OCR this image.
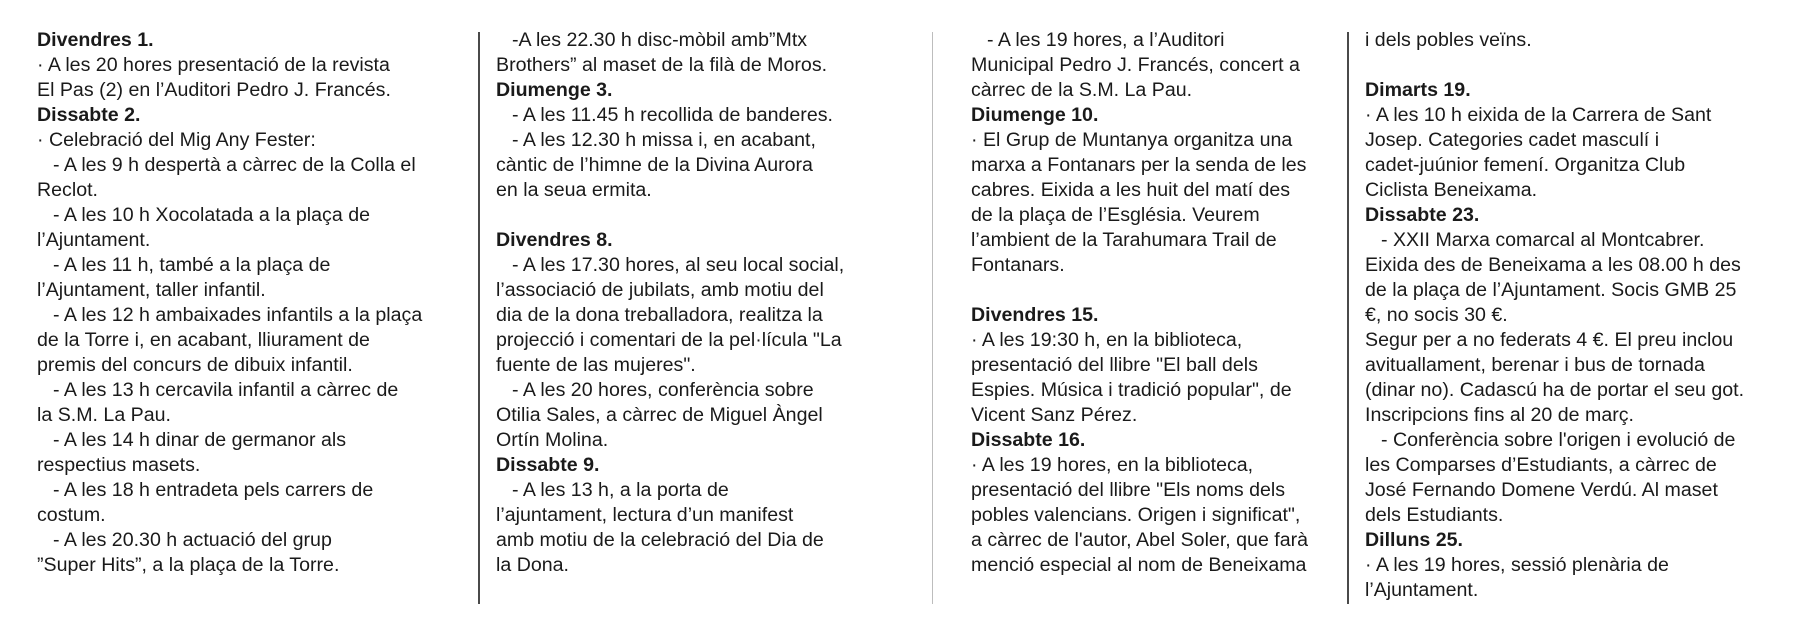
Divendres 1.

· A les 20 hores presentació de la revista

El Pas (2) en l’Auditori Pedro J. Francés.

Dissabte 2.

· Celebració del Mig Any Fester:

- A les 9 h despertà a càrrec de la Colla el

Reclot.

- A les 10 h Xocolatada a la plaça de

l’Ajuntament.

- A les 11 h, també a la plaça de

l’Ajuntament, taller infantil.

- A les 12 h ambaixades infantils a la plaça

de la Torre i, en acabant, lliurament de

premis del concurs de dibuix infantil.

- A les 13 h cercavila infantil a càrrec de

la S.M. La Pau.

- A les 14 h dinar de germanor als

respectius masets.

- A les 18 h entradeta pels carrers de

costum.

- A les 20.30 h actuació del grup

”Super Hits”, a la plaça de la Torre.

-A les 22.30 h disc-mòbil amb”Mtx

Brothers” al maset de la filà de Moros.

Diumenge 3.

- A les 11.45 h recollida de banderes.

- A les 12.30 h missa i, en acabant,

càntic de l’himne de la Divina Aurora

en la seua ermita.

Divendres 8.

- A les 17.30 hores, al seu local social,

l’associació de jubilats, amb motiu del

dia de la dona treballadora, realitza la

projecció i comentari de la pel·lícula "La

fuente de las mujeres".

- A les 20 hores, conferència sobre

Otilia Sales, a càrrec de Miguel Àngel

Ortín Molina.

Dissabte 9.

- A les 13 h, a la porta de

l’ajuntament, lectura d’un manifest

amb motiu de la celebració del Dia de

la Dona.

- A les 19 hores, a l’Auditori

Municipal Pedro J. Francés, concert a

càrrec de la S.M. La Pau.

Diumenge 10.

· El Grup de Muntanya organitza una

marxa a Fontanars per la senda de les

cabres. Eixida a les huit del matí des

de la plaça de l’Església. Veurem

l’ambient de la Tarahumara Trail de

Fontanars.

Divendres 15.

· A les 19:30 h, en la biblioteca,

presentació del llibre "El ball dels

Espies. Música i tradició popular", de

Vicent Sanz Pérez.

Dissabte 16.

· A les 19 hores, en la biblioteca,

presentació del llibre "Els noms dels

pobles valencians. Origen i significat",

a càrrec de l'autor, Abel Soler, que farà

menció especial al nom de Beneixama

i dels pobles veïns.

Dimarts 19.

· A les 10 h eixida de la Carrera de Sant

Josep. Categories cadet masculí i

cadet-juúnior femení. Organitza Club

Ciclista Beneixama.

Dissabte 23.

- XXII Marxa comarcal al Montcabrer.

Eixida des de Beneixama a les 08.00 h des

de la plaça de l’Ajuntament. Socis GMB 25

€, no socis 30 €.

Segur per a no federats 4 €. El preu inclou

avituallament, berenar i bus de tornada

(dinar no). Cadascú ha de portar el seu got.

Inscripcions fins al 20 de març.

- Conferència sobre l'origen i evolució de

les Comparses d’Estudiants, a càrrec de

José Fernando Domene Verdú. Al maset

dels Estudiants.

Dilluns 25.

· A les 19 hores, sessió plenària de

l’Ajuntament.
